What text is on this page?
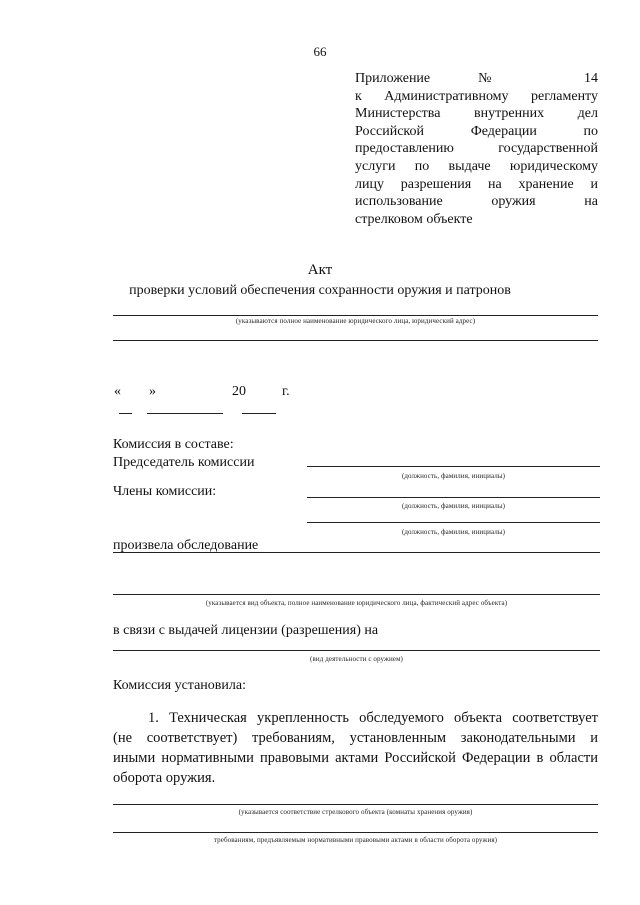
66
Приложение № 14
к Административному регламенту
Министерства внутренних дел
Российской Федерации по
предоставлению государственной
услуги по выдаче юридическому
лицу разрешения на хранение и
использование оружия на
стрелковом объекте
Акт
проверки условий обеспечения сохранности оружия и патронов
(указываются полное наименование юридического лица, юридический адрес)
« »	20	г.
Комиссия в составе:
Председатель комиссии
(должность, фамилия, инициалы)
Члены комиссии:
(должность, фамилия, инициалы)
(должность, фамилия, инициалы)
произвела обследование
(указывается вид объекта, полное наименование юридического лица, фактический адрес объекта)
в связи с выдачей лицензии (разрешения) на
(вид деятельности с оружием)
Комиссия установила:
1. Техническая укрепленность обследуемого объекта соответствует
(не соответствует) требованиям, установленным законодательными и
иными нормативными правовыми актами Российской Федерации в области
оборота оружия.
(указывается соответствие стрелкового объекта (комнаты хранения оружия)
требованиям, предъявляемым нормативными правовыми актами в области оборота оружия)
